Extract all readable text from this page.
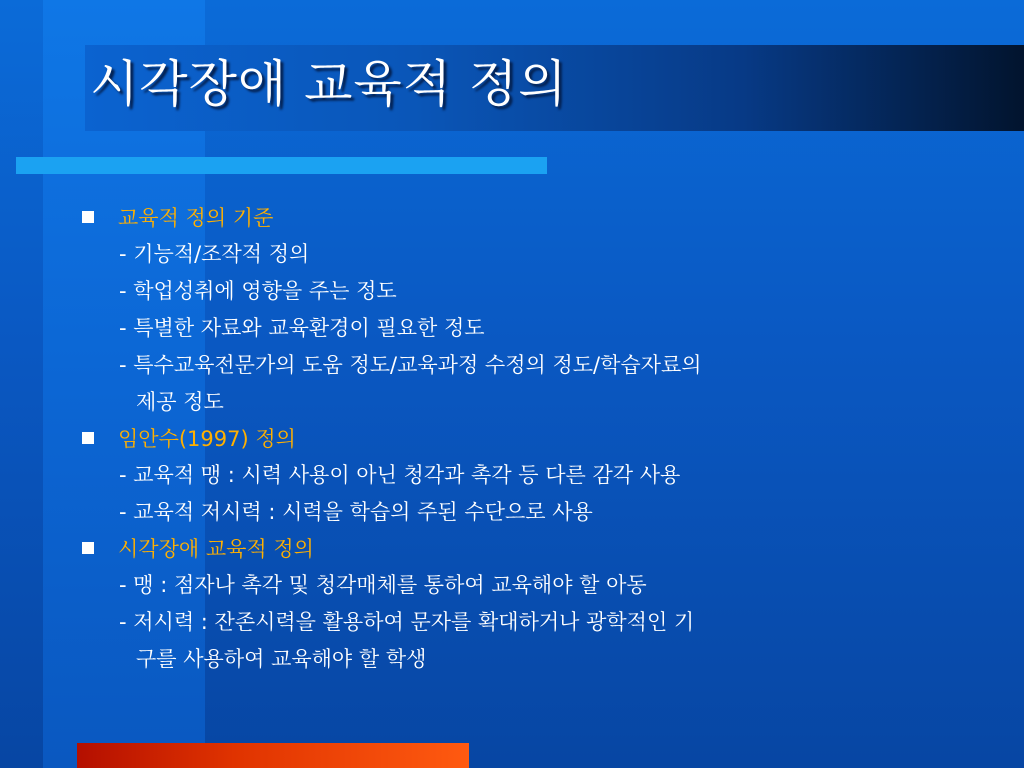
시각장애 교육적 정의
교육적 정의 기준
- 기능적/조작적 정의
- 학업성취에 영향을 주는 정도
- 특별한 자료와 교육환경이 필요한 정도
- 특수교육전문가의 도움 정도/교육과정 수정의 정도/학습자료의
제공 정도
임안수(1997) 정의
- 교육적 맹 : 시력 사용이 아닌 청각과 촉각 등 다른 감각 사용
- 교육적 저시력 : 시력을 학습의 주된 수단으로 사용
시각장애 교육적 정의
- 맹 : 점자나 촉각 및 청각매체를 통하여 교육해야 할 아동
- 저시력 : 잔존시력을 활용하여 문자를 확대하거나 광학적인 기
구를 사용하여 교육해야 할 학생
